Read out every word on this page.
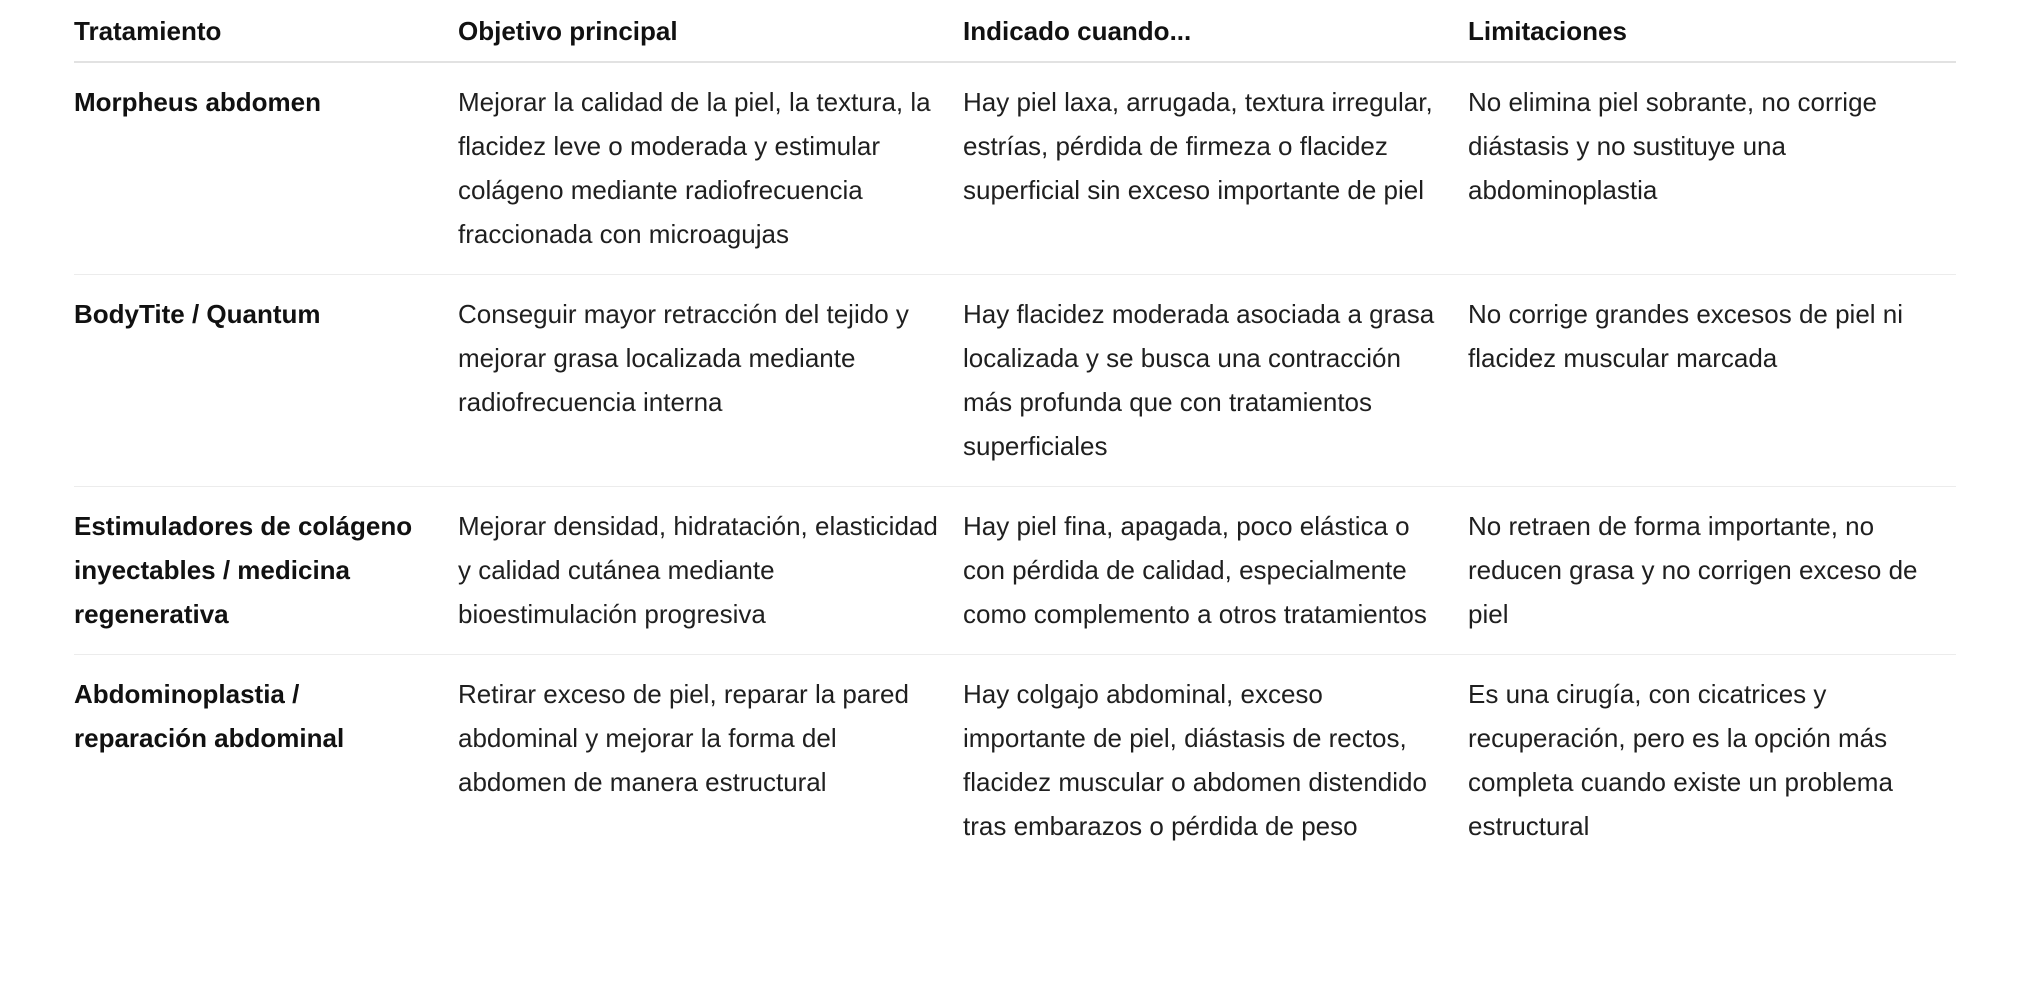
Tratamiento	Objetivo principal	Indicado cuando...	Limitaciones
Morpheus abdomen	Mejorar la calidad de la piel, la textura, la flacidez leve o moderada y estimular colágeno mediante radiofrecuencia fraccionada con microagujas	Hay piel laxa, arrugada, textura irregular, estrías, pérdida de firmeza o flacidez superficial sin exceso importante de piel	No elimina piel sobrante, no corrige diástasis y no sustituye una abdominoplastia
BodyTite / Quantum	Conseguir mayor retracción del tejido y mejorar grasa localizada mediante radiofrecuencia interna	Hay flacidez moderada asociada a grasa localizada y se busca una contracción más profunda que con tratamientos superficiales	No corrige grandes excesos de piel ni flacidez muscular marcada
Estimuladores de colágeno inyectables / medicina regenerativa	Mejorar densidad, hidratación, elasticidad y calidad cutánea mediante bioestimulación progresiva	Hay piel fina, apagada, poco elástica o con pérdida de calidad, especialmente como complemento a otros tratamientos	No retraen de forma importante, no reducen grasa y no corrigen exceso de piel
Abdominoplastia / reparación abdominal	Retirar exceso de piel, reparar la pared abdominal y mejorar la forma del abdomen de manera estructural	Hay colgajo abdominal, exceso importante de piel, diástasis de rectos, flacidez muscular o abdomen distendido tras embarazos o pérdida de peso	Es una cirugía, con cicatrices y recuperación, pero es la opción más completa cuando existe un problema estructural
